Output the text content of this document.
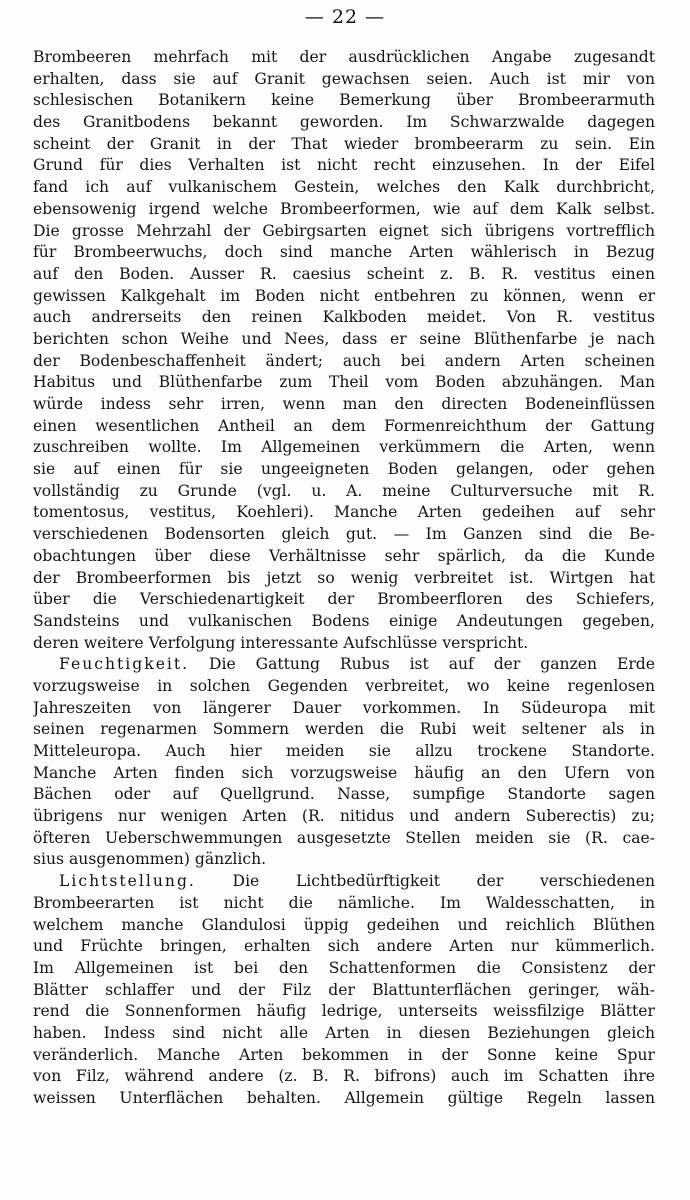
— 22 —
Brombeeren mehrfach mit der ausdrücklichen Angabe zugesandt
erhalten, dass sie auf Granit gewachsen seien. Auch ist mir von
schlesischen Botanikern keine Bemerkung über Brombeerarmuth
des Granitbodens bekannt geworden. Im Schwarzwalde dagegen
scheint der Granit in der That wieder brombeerarm zu sein. Ein
Grund für dies Verhalten ist nicht recht einzusehen. In der Eifel
fand ich auf vulkanischem Gestein, welches den Kalk durchbricht,
ebensowenig irgend welche Brombeerformen, wie auf dem Kalk selbst.
Die grosse Mehrzahl der Gebirgsarten eignet sich übrigens vortrefflich
für Brombeerwuchs, doch sind manche Arten wählerisch in Bezug
auf den Boden. Ausser R. caesius scheint z. B. R. vestitus einen
gewissen Kalkgehalt im Boden nicht entbehren zu können, wenn er
auch andrerseits den reinen Kalkboden meidet. Von R. vestitus
berichten schon Weihe und Nees, dass er seine Blüthenfarbe je nach
der Bodenbeschaffenheit ändert; auch bei andern Arten scheinen
Habitus und Blüthenfarbe zum Theil vom Boden abzuhängen. Man
würde indess sehr irren, wenn man den directen Bodeneinflüssen
einen wesentlichen Antheil an dem Formenreichthum der Gattung
zuschreiben wollte. Im Allgemeinen verkümmern die Arten, wenn
sie auf einen für sie ungeeigneten Boden gelangen, oder gehen
vollständig zu Grunde (vgl. u. A. meine Culturversuche mit R.
tomentosus, vestitus, Koehleri). Manche Arten gedeihen auf sehr
verschiedenen Bodensorten gleich gut. — Im Ganzen sind die Be-
obachtungen über diese Verhältnisse sehr spärlich, da die Kunde
der Brombeerformen bis jetzt so wenig verbreitet ist. Wirtgen hat
über die Verschiedenartigkeit der Brombeerfloren des Schiefers,
Sandsteins und vulkanischen Bodens einige Andeutungen gegeben,
deren weitere Verfolgung interessante Aufschlüsse verspricht.
Feuchtigkeit. Die Gattung Rubus ist auf der ganzen Erde
vorzugsweise in solchen Gegenden verbreitet, wo keine regenlosen
Jahreszeiten von längerer Dauer vorkommen. In Südeuropa mit
seinen regenarmen Sommern werden die Rubi weit seltener als in
Mitteleuropa. Auch hier meiden sie allzu trockene Standorte.
Manche Arten finden sich vorzugsweise häufig an den Ufern von
Bächen oder auf Quellgrund. Nasse, sumpfige Standorte sagen
übrigens nur wenigen Arten (R. nitidus und andern Suberectis) zu;
öfteren Ueberschwemmungen ausgesetzte Stellen meiden sie (R. cae-
sius ausgenommen) gänzlich.
Lichtstellung. Die Lichtbedürftigkeit der verschiedenen
Brombeerarten ist nicht die nämliche. Im Waldesschatten, in
welchem manche Glandulosi üppig gedeihen und reichlich Blüthen
und Früchte bringen, erhalten sich andere Arten nur kümmerlich.
Im Allgemeinen ist bei den Schattenformen die Consistenz der
Blätter schlaffer und der Filz der Blattunterflächen geringer, wäh-
rend die Sonnenformen häufig ledrige, unterseits weissfilzige Blätter
haben. Indess sind nicht alle Arten in diesen Beziehungen gleich
veränderlich. Manche Arten bekommen in der Sonne keine Spur
von Filz, während andere (z. B. R. bifrons) auch im Schatten ihre
weissen Unterflächen behalten. Allgemein gültige Regeln lassen
